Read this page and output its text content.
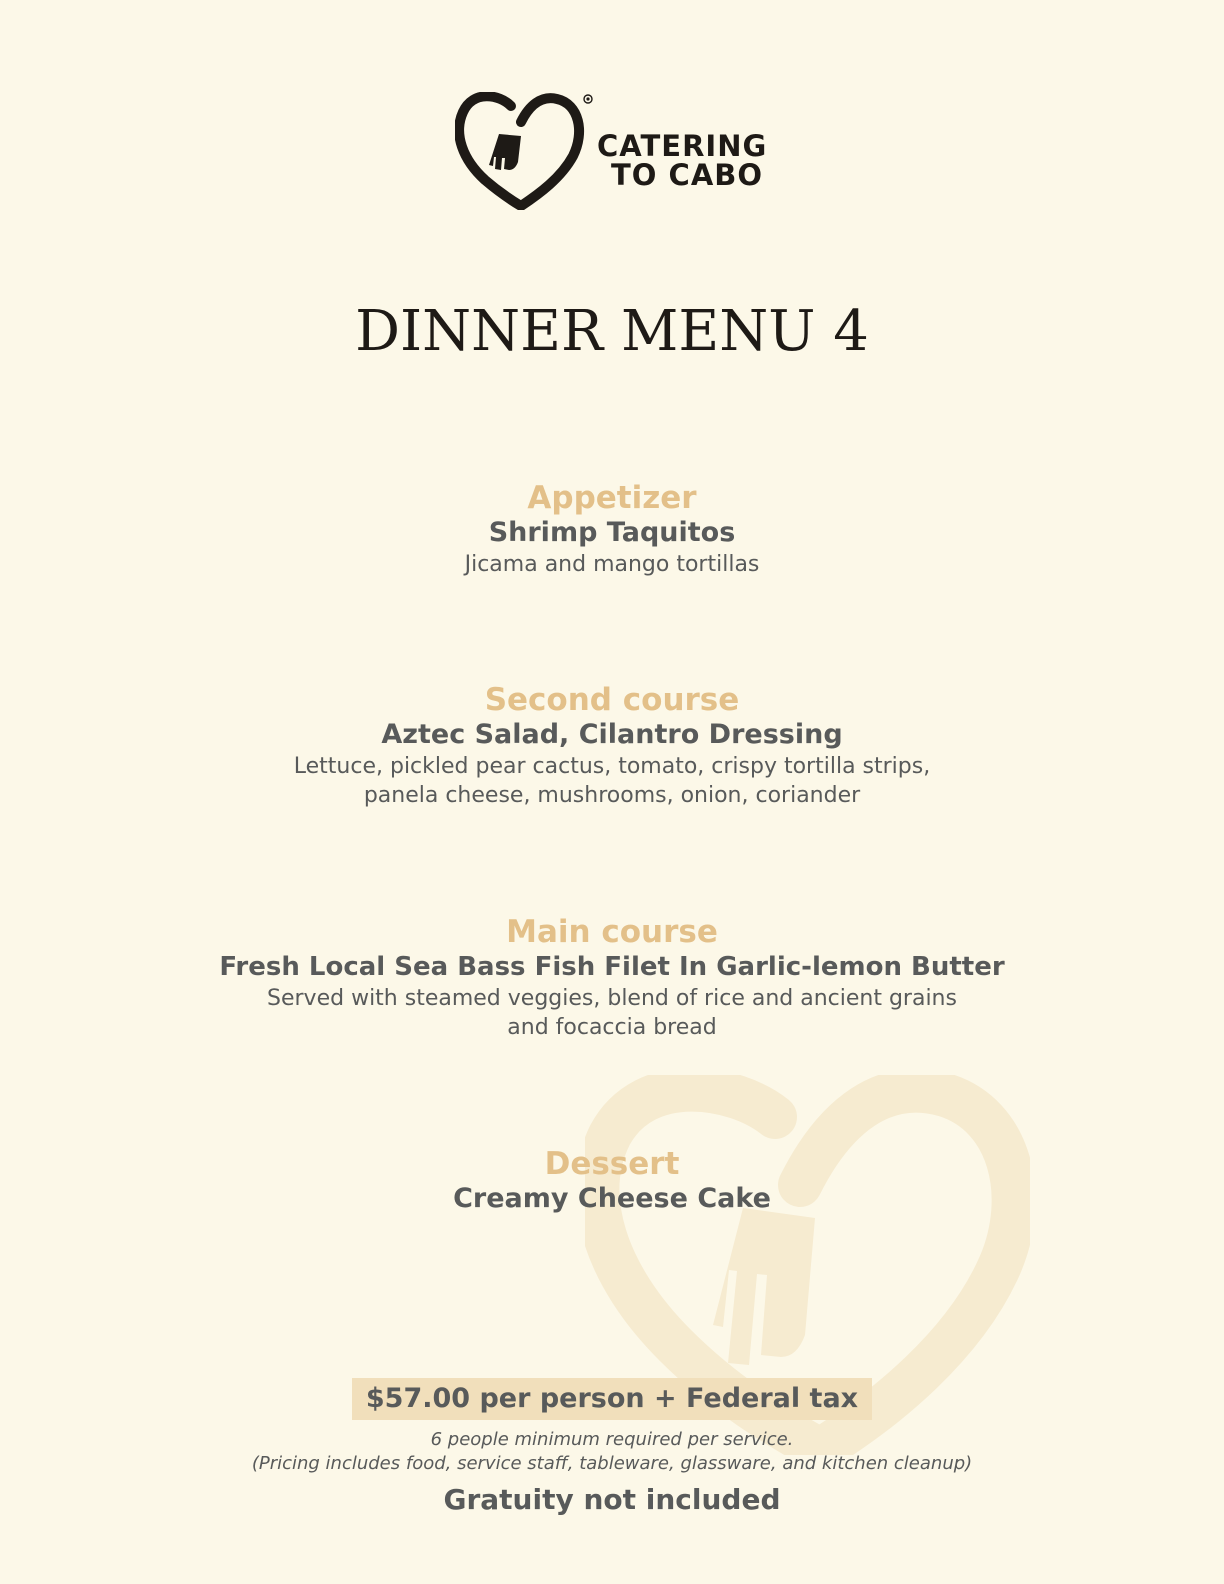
CATERING
TO CABO
DINNER MENU 4
Appetizer
Shrimp Taquitos
Jicama and mango tortillas
Second course
Aztec Salad, Cilantro Dressing
Lettuce, pickled pear cactus, tomato, crispy tortilla strips,
panela cheese, mushrooms, onion, coriander
Main course
Fresh Local Sea Bass Fish Filet In Garlic-lemon Butter
Served with steamed veggies, blend of rice and ancient grains
and focaccia bread
Dessert
Creamy Cheese Cake
$57.00 per person + Federal tax
6 people minimum required per service.
(Pricing includes food, service staff, tableware, glassware, and kitchen cleanup)
Gratuity not included
